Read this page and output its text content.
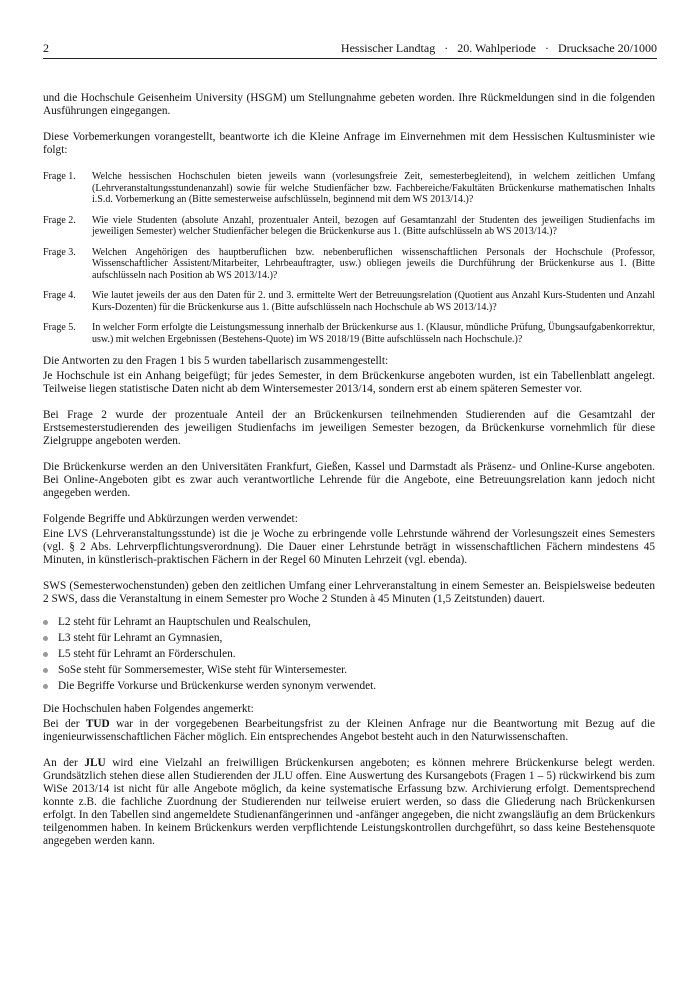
2	Hessischer Landtag · 20. Wahlperiode · Drucksache 20/1000

und die Hochschule Geisenheim University (HSGM) um Stellungnahme gebeten worden. Ihre Rückmeldungen sind in die folgenden Ausführungen eingegangen.

Diese Vorbemerkungen vorangestellt, beantworte ich die Kleine Anfrage im Einvernehmen mit dem Hessischen Kultusminister wie folgt:

Frage 1.	Welche hessischen Hochschulen bieten jeweils wann (vorlesungsfreie Zeit, semesterbegleitend), in welchem zeitlichen Umfang (Lehrveranstaltungsstundenanzahl) sowie für welche Studienfächer bzw. Fachbereiche/Fakultäten Brückenkurse mathematischen Inhalts i.S.d. Vorbemerkung an (Bitte semesterweise aufschlüsseln, beginnend mit dem WS 2013/14.)?
Frage 2.	Wie viele Studenten (absolute Anzahl, prozentualer Anteil, bezogen auf Gesamtanzahl der Studenten des jeweiligen Studienfachs im jeweiligen Semester) welcher Studienfächer belegen die Brückenkurse aus 1. (Bitte aufschlüsseln ab WS 2013/14.)?
Frage 3.	Welchen Angehörigen des hauptberuflichen bzw. nebenberuflichen wissenschaftlichen Personals der Hochschule (Professor, Wissenschaftlicher Assistent/Mitarbeiter, Lehrbeauftragter, usw.) obliegen jeweils die Durchführung der Brückenkurse aus 1. (Bitte aufschlüsseln nach Position ab WS 2013/14.)?
Frage 4.	Wie lautet jeweils der aus den Daten für 2. und 3. ermittelte Wert der Betreuungsrelation (Quotient aus Anzahl Kurs-Studenten und Anzahl Kurs-Dozenten) für die Brückenkurse aus 1. (Bitte aufschlüsseln nach Hochschule ab WS 2013/14.)?
Frage 5.	In welcher Form erfolgte die Leistungsmessung innerhalb der Brückenkurse aus 1. (Klausur, mündliche Prüfung, Übungsaufgabenkorrektur, usw.) mit welchen Ergebnissen (Bestehens-Quote) im WS 2018/19 (Bitte aufschlüsseln nach Hochschule.)?

Die Antworten zu den Fragen 1 bis 5 wurden tabellarisch zusammengestellt:

Je Hochschule ist ein Anhang beigefügt; für jedes Semester, in dem Brückenkurse angeboten wurden, ist ein Tabellenblatt angelegt. Teilweise liegen statistische Daten nicht ab dem Wintersemester 2013/14, sondern erst ab einem späteren Semester vor.

Bei Frage 2 wurde der prozentuale Anteil der an Brückenkursen teilnehmenden Studierenden auf die Gesamtzahl der Erstsemesterstudierenden des jeweiligen Studienfachs im jeweiligen Semester bezogen, da Brückenkurse vornehmlich für diese Zielgruppe angeboten werden.

Die Brückenkurse werden an den Universitäten Frankfurt, Gießen, Kassel und Darmstadt als Präsenz- und Online-Kurse angeboten. Bei Online-Angeboten gibt es zwar auch verantwortliche Lehrende für die Angebote, eine Betreuungsrelation kann jedoch nicht angegeben werden.

Folgende Begriffe und Abkürzungen werden verwendet:

Eine LVS (Lehrveranstaltungsstunde) ist die je Woche zu erbringende volle Lehrstunde während der Vorlesungszeit eines Semesters (vgl. § 2 Abs. Lehrverpflichtungsverordnung). Die Dauer einer Lehrstunde beträgt in wissenschaftlichen Fächern mindestens 45 Minuten, in künstlerisch-praktischen Fächern in der Regel 60 Minuten Lehrzeit (vgl. ebenda).

SWS (Semesterwochenstunden) geben den zeitlichen Umfang einer Lehrveranstaltung in einem Semester an. Beispielsweise bedeuten 2 SWS, dass die Veranstaltung in einem Semester pro Woche 2 Stunden à 45 Minuten (1,5 Zeitstunden) dauert.

L2 steht für Lehramt an Hauptschulen und Realschulen,
L3 steht für Lehramt an Gymnasien,
L5 steht für Lehramt an Förderschulen.
SoSe steht für Sommersemester, WiSe steht für Wintersemester.
Die Begriffe Vorkurse und Brückenkurse werden synonym verwendet.

Die Hochschulen haben Folgendes angemerkt:

Bei der TUD war in der vorgegebenen Bearbeitungsfrist zu der Kleinen Anfrage nur die Beantwortung mit Bezug auf die ingenieurwissenschaftlichen Fächer möglich. Ein entsprechendes Angebot besteht auch in den Naturwissenschaften.

An der JLU wird eine Vielzahl an freiwilligen Brückenkursen angeboten; es können mehrere Brückenkurse belegt werden. Grundsätzlich stehen diese allen Studierenden der JLU offen. Eine Auswertung des Kursangebots (Fragen 1 – 5) rückwirkend bis zum WiSe 2013/14 ist nicht für alle Angebote möglich, da keine systematische Erfassung bzw. Archivierung erfolgt. Dementsprechend konnte z.B. die fachliche Zuordnung der Studierenden nur teilweise eruiert werden, so dass die Gliederung nach Brückenkursen erfolgt. In den Tabellen sind angemeldete Studienanfängerinnen und -anfänger angegeben, die nicht zwangsläufig an dem Brückenkurs teilgenommen haben. In keinem Brückenkurs werden verpflichtende Leistungskontrollen durchgeführt, so dass keine Bestehensquote angegeben werden kann.
